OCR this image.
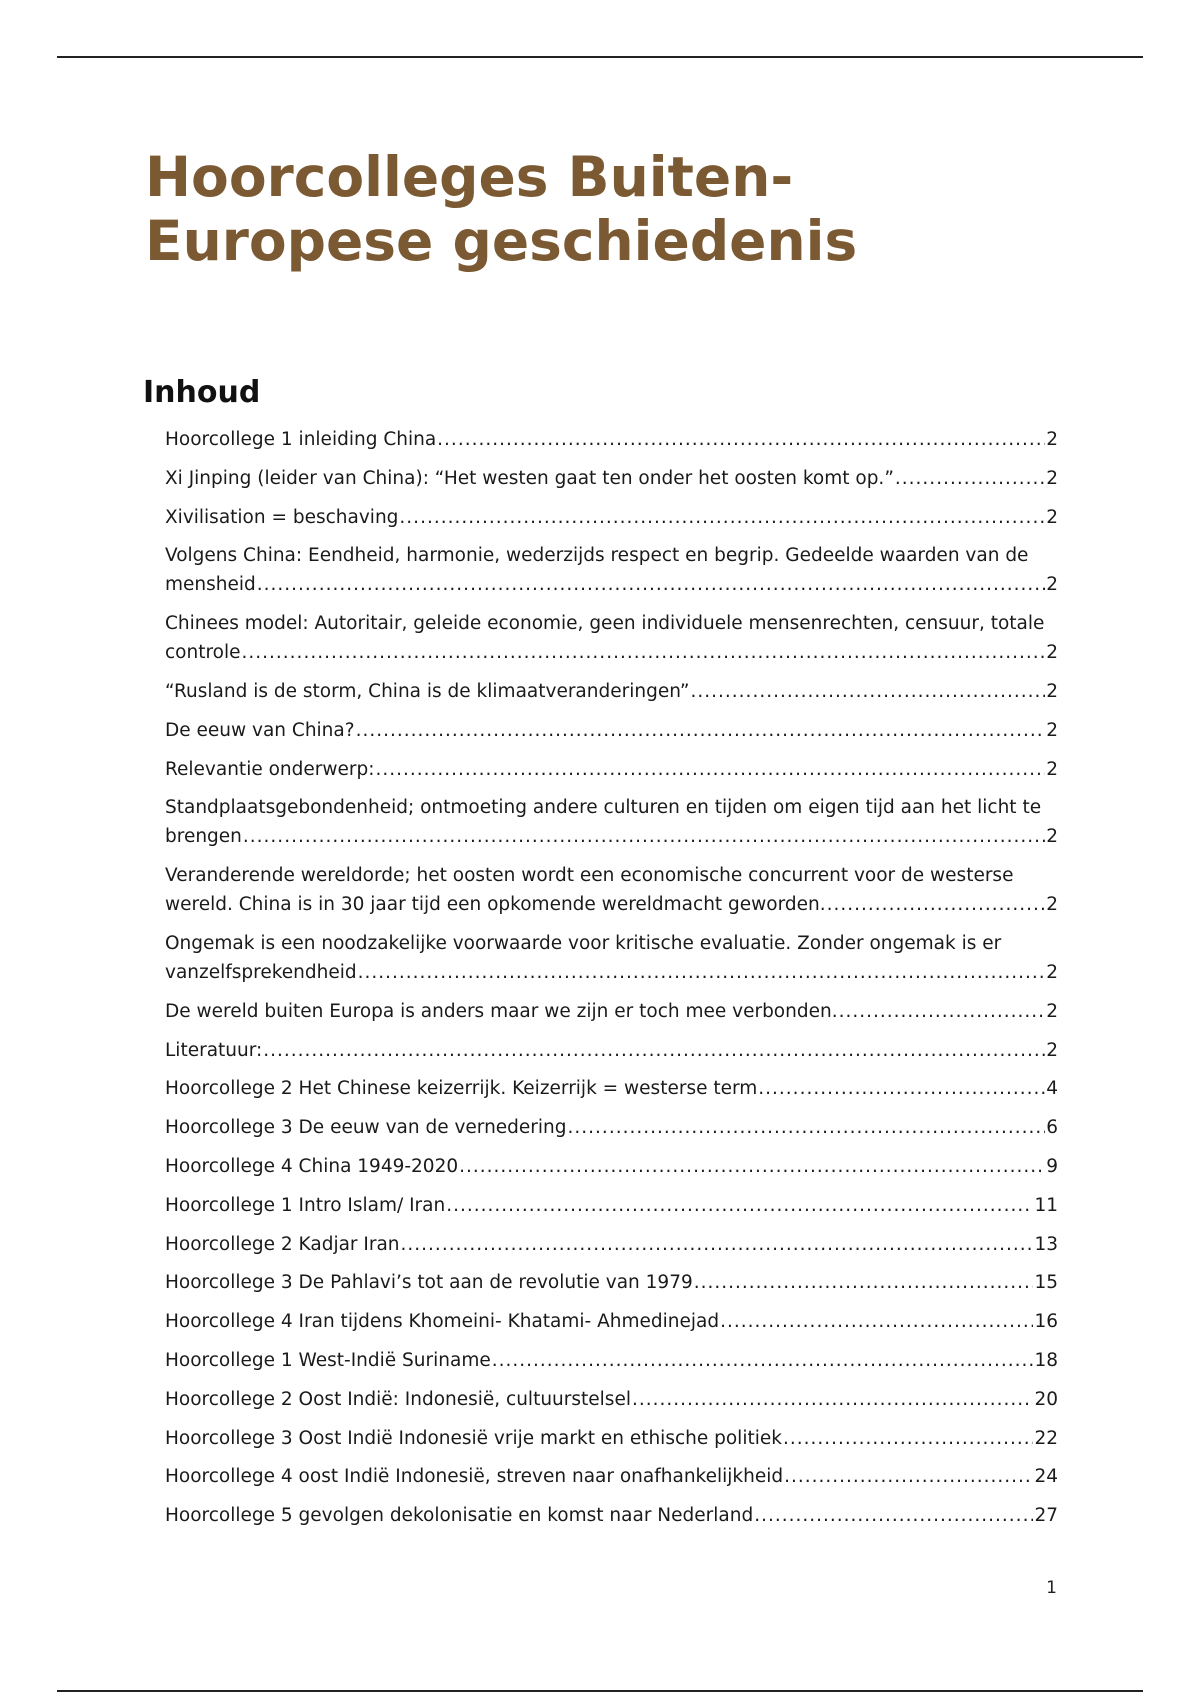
Hoorcolleges Buiten-Europese geschiedenis
Inhoud
Hoorcollege 1 inleiding China .....	2
Xi Jinping (leider van China): “Het westen gaat ten onder het oosten komt op.” .....	2
Xivilisation = beschaving .....	2
Volgens China: Eendheid, harmonie, wederzijds respect en begrip. Gedeelde waarden van de mensheid .....	2
Chinees model: Autoritair, geleide economie, geen individuele mensenrechten, censuur, totale controle .....	2
“Rusland is de storm, China is de klimaatveranderingen” .....	2
De eeuw van China? .....	2
Relevantie onderwerp: .....	2
Standplaatsgebondenheid; ontmoeting andere culturen en tijden om eigen tijd aan het licht te brengen .....	2
Veranderende wereldorde; het oosten wordt een economische concurrent voor de westerse wereld. China is in 30 jaar tijd een opkomende wereldmacht geworden. .....	2
Ongemak is een noodzakelijke voorwaarde voor kritische evaluatie. Zonder ongemak is er vanzelfsprekendheid .....	2
De wereld buiten Europa is anders maar we zijn er toch mee verbonden. .....	2
Literatuur: .....	2
Hoorcollege 2 Het Chinese keizerrijk. Keizerrijk = westerse term .....	4
Hoorcollege 3 De eeuw van de vernedering .....	6
Hoorcollege 4 China 1949-2020 .....	9
Hoorcollege 1 Intro Islam/ Iran .....	11
Hoorcollege 2 Kadjar Iran .....	13
Hoorcollege 3 De Pahlavi’s tot aan de revolutie van 1979 .....	15
Hoorcollege 4 Iran tijdens Khomeini- Khatami- Ahmedinejad .....	16
Hoorcollege 1 West-Indië Suriname .....	18
Hoorcollege 2 Oost Indië: Indonesië, cultuurstelsel .....	20
Hoorcollege 3 Oost Indië Indonesië vrije markt en ethische politiek .....	22
Hoorcollege 4 oost Indië Indonesië, streven naar onafhankelijkheid .....	24
Hoorcollege 5 gevolgen dekolonisatie en komst naar Nederland .....	27
1
